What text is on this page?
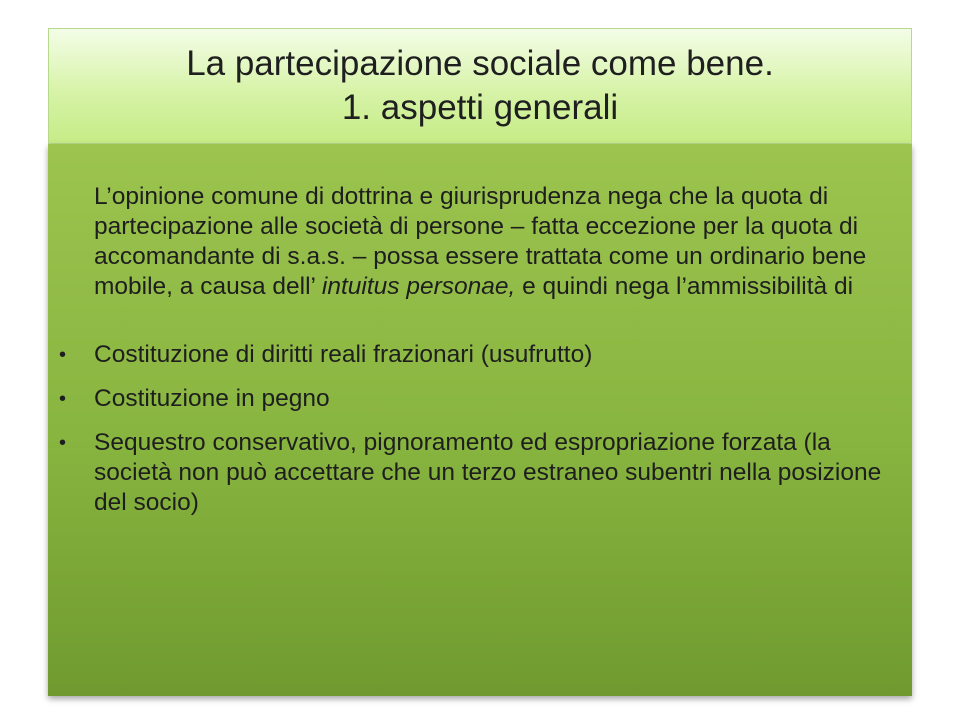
La partecipazione sociale come bene.
1. aspetti generali

L’opinione comune di dottrina e giurisprudenza nega che la quota di partecipazione alle società di persone – fatta eccezione per la quota di accomandante di s.a.s. – possa essere trattata come un ordinario bene mobile, a causa dell’ intuitus personae, e quindi nega l’ammissibilità di

• Costituzione di diritti reali frazionari (usufrutto)
• Costituzione in pegno
• Sequestro conservativo, pignoramento ed espropriazione forzata (la società non può accettare che un terzo estraneo subentri nella posizione del socio)
